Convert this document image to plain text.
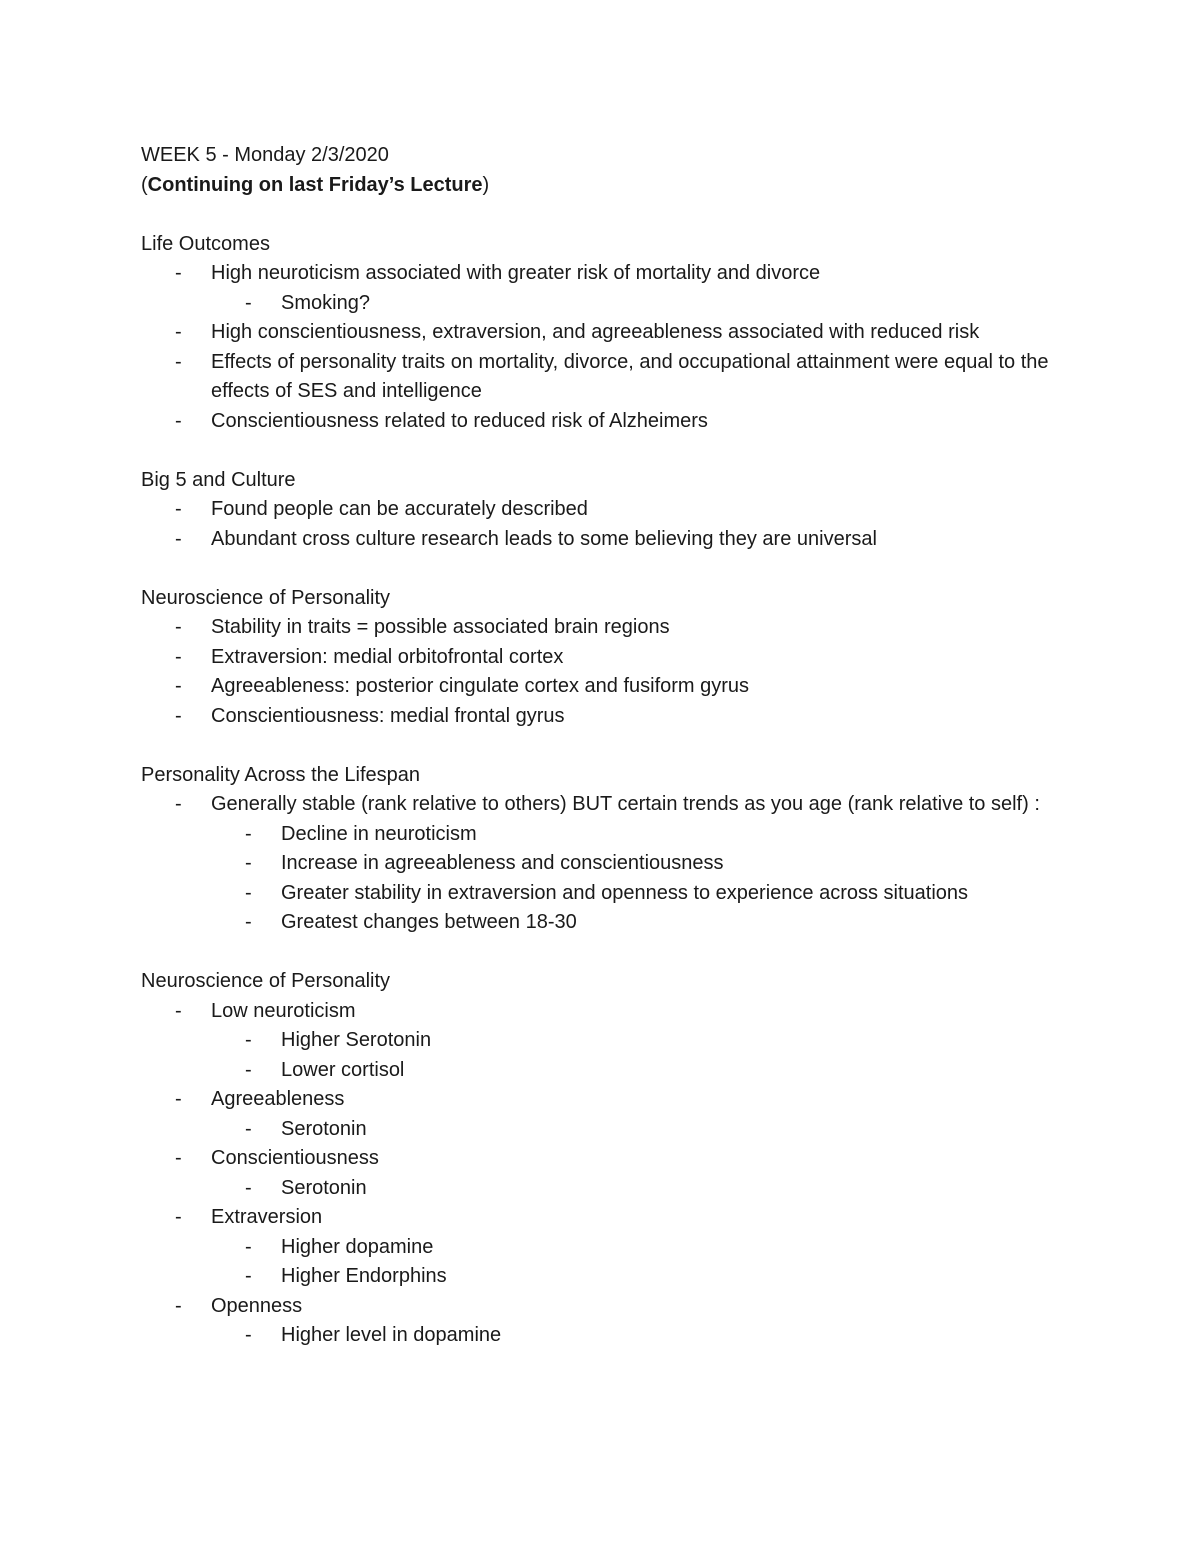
WEEK 5 - Monday 2/3/2020

(Continuing on last Friday’s Lecture)

Life Outcomes

- High neuroticism associated with greater risk of mortality and divorce
- Smoking?
- High conscientiousness, extraversion, and agreeableness associated with reduced risk
- Effects of personality traits on mortality, divorce, and occupational attainment were equal to the effects of SES and intelligence
- Conscientiousness related to reduced risk of Alzheimers

Big 5 and Culture

- Found people can be accurately described
- Abundant cross culture research leads to some believing they are universal

Neuroscience of Personality

- Stability in traits = possible associated brain regions
- Extraversion: medial orbitofrontal cortex
- Agreeableness: posterior cingulate cortex and fusiform gyrus
- Conscientiousness: medial frontal gyrus

Personality Across the Lifespan

- Generally stable (rank relative to others) BUT certain trends as you age (rank relative to self) :
- Decline in neuroticism
- Increase in agreeableness and conscientiousness
- Greater stability in extraversion and openness to experience across situations
- Greatest changes between 18-30

Neuroscience of Personality

- Low neuroticism
- Higher Serotonin
- Lower cortisol
- Agreeableness
- Serotonin
- Conscientiousness
- Serotonin
- Extraversion
- Higher dopamine
- Higher Endorphins
- Openness
- Higher level in dopamine
